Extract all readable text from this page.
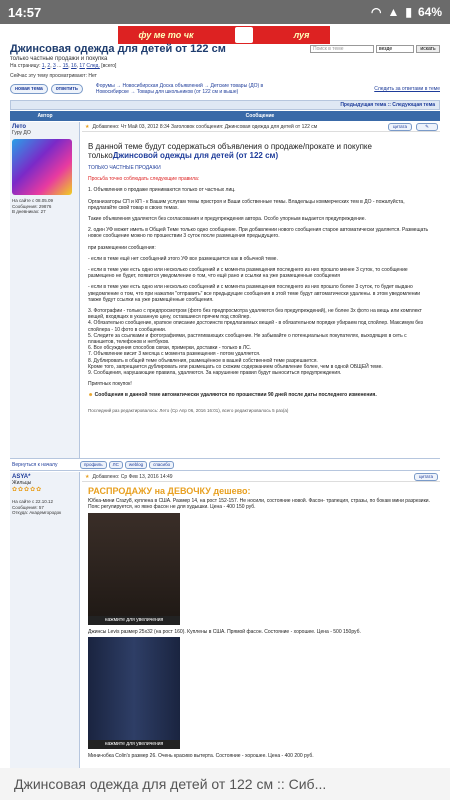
14:57	◠ ▲ ▮ 64%
фу ме то чк	луя
Джинсовая одежда для детей от 122 см
только частные продажи и покупка
На страницу: 1, 2, 3 ... 15, 16, 17 След. [всего]
Поиск в теме	везде	искать
Сейчас эту тему просматривают: Нет
новая тема	ответить	Форумы → Новосибирская Доска объявлений → Детские товары (ДО) в Новосибирске → Товары для школьников (от 122 см и выше)	Следить за ответами в теме
Предыдущая тема :: Следующая тема
Автор	Сообщение
Лето
Гуру ДО
На сайте с 08.05.09
Сообщения: 29876
В дневниках: 27
★ Добавлено: Чт Май 03, 2012 8:34 Заголовок сообщения: Джинсовая одежда для детей от 122 см	цитата	✎

В данной теме будут содержаться объявления о продаже/прокате и покупке
толькоДжинсовой одежды для детей (от 122 см)

ТОЛЬКО ЧАСТНЫЕ ПРОДАЖИ

Просьба точно соблюдать следующие правила:

1. Объявления о продаже принимаются только от частных лиц.

Организаторы СП и КП - к Вашим услугам темы пристроя и Ваши собственные темы. Владельцы коммерческих тем в ДО - пожалуйста, предлагайте свой товар в своих темах.

Такие объявления удаляются без согласования и предупреждения автора. Особо упорным выдается предупреждение.

2. один УФ может иметь в Общей Теме только одно сообщение. При добавлении нового сообщения старое автоматически удаляется. Размещать новое сообщение можно по прошествии 3 суток после размещения предыдущего.

при размещении сообщения:

- если в теме ещё нет сообщений этого УФ все размещается как в обычной теме.

- если в теме уже есть одно или несколько сообщений и с момента размещения последнего из них прошло менее 3 суток, то сообщение размещено не будет, появится уведомление о том, что ещё рано и ссылки на уже размещенные сообщения

- если в теме уже есть одно или несколько сообщений и с момента размещения последнего из них прошло более 3 суток, то будет выдано уведомление о том, что при нажатии "отправить" все предыдущие сообщения в этой теме будут автоматически удалены. в этом уведомлении также будут ссылки на уже размещённые сообщения.

3. Фотографии - только с предпросмотром (фото без предпросмотра удаляются без предупреждений), не более 3х фото на вещь или комплект вещей, входящих в указанную цену, оставшиеся прячем под спойлер.
4. Обязательно сообщение, краткое описание достоинств предлагаемых вещей - в обязательном порядке убираем под спойлер. Максимум без спойлера - 10 фото в сообщении.
5. Следите за ссылками и фотографиями, растягивающих сообщение. Не забывайте о потенциальных покупателях, выходящих в сеть с планшетов, телефонов и нетбуков.
6. Все обсуждения способов связи, примерки, доставки - только в ЛС.
7. Объявление висит 3 месяца с момента размещения - потом удаляется.
8. Дублировать в общей теме объявления, размещённое в вашей собственной теме разрешается.
Кроме того, запрещается дублировать или размещать со схожим содержанием объявление более, чем в одной ОБЩЕЙ теме.

9. Сообщения, нарушающие правила, удаляются. За нарушение правил будут выноситься предупреждения.

Приятных покупок!

☻ Сообщения в данной теме автоматически удаляются по прошествии 90 дней после даты последнего изменения.

Последний раз редактировалось: Лето (Ср Апр 06, 2016 16:01), всего редактировалось 5 раз(а)
Вернуться к началу	профиль	ЛС	weblog	спасибо
ASYA*
Жильцы
✿✿✿✿✿
На сайте с 22.10.12
Сообщения: 57
Откуда: Академгородок
★ Добавлено: Ср Фев 13, 2016 14:49	цитата
РАСПРОДАЖУ на ДЕВОЧКУ дешево:
Юбка-мини Crazy8, куплена в США. Размер 14, на рост 152-157. Не носили, состояние новой. Фасон- трапеция, стразы, по бокам мини разрезики. Пояс регулируется, но явно фасон не для худышки. Цена - 400 150 руб.
нажмите для увеличения
Джинсы Levis размер 25x32 (на рост 160). Куплены в США. Прямой фасон. Состояние - хорошее. Цена - 500 150руб.
нажмите для увеличения
Мини-юбка Colin's размер 26. Очень красиво вытерта. Состояние - хорошее. Цена - 400 200 руб.
Джинсовая одежда для детей от 122 см :: Сиб...
